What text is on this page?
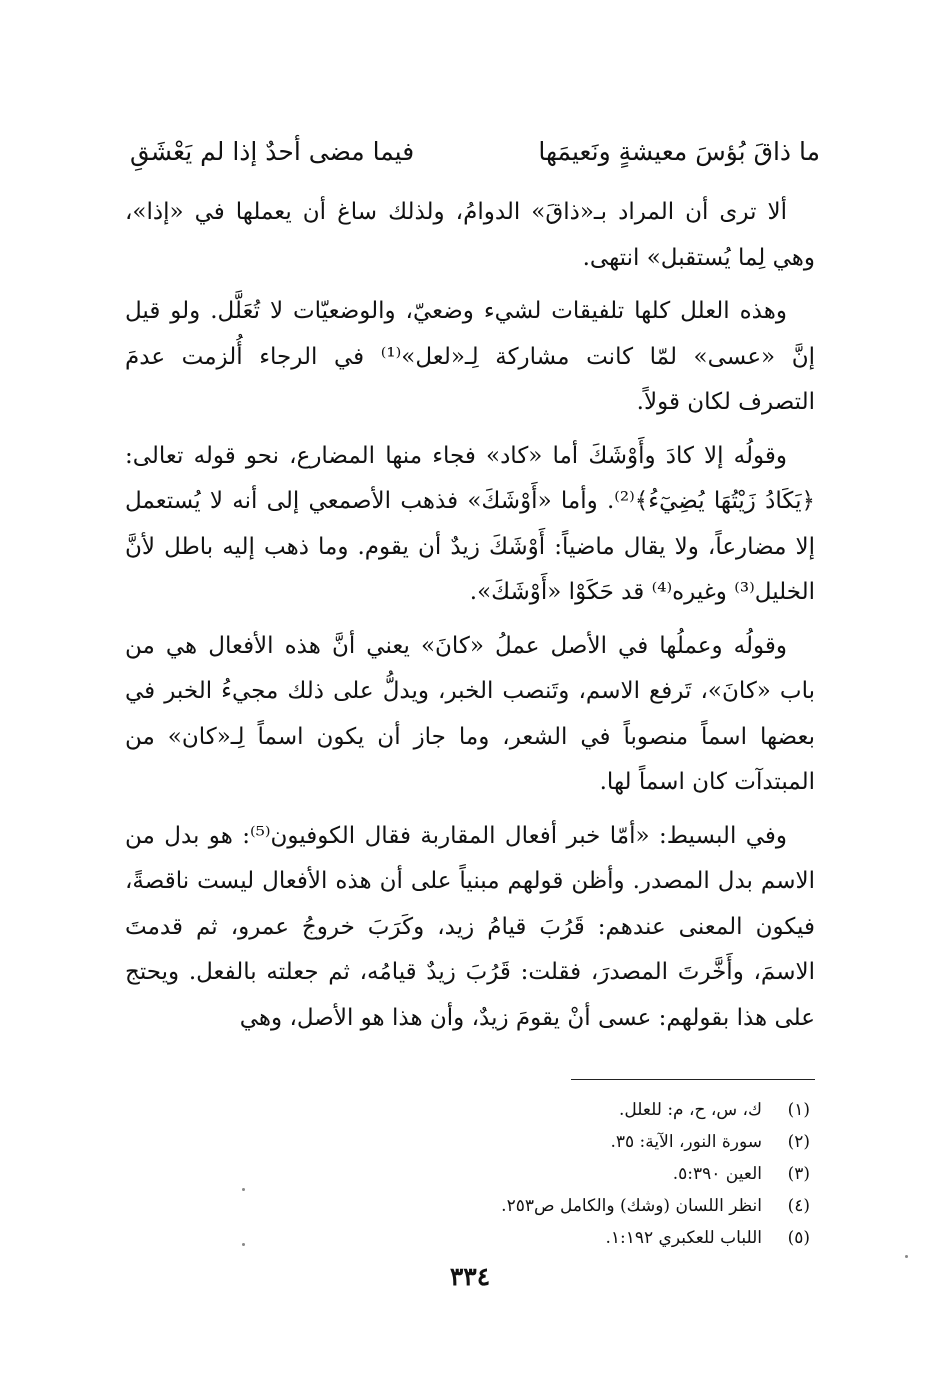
ما ذاقَ بُؤسَ معيشةٍ ونَعيمَها
فيما مضى أحدٌ إذا لم يَعْشَقِ

ألا ترى أن المراد بـ«ذاقَ» الدوامُ، ولذلك ساغ أن يعملها في «إذا»، وهي لِما يُستقبل» انتهى.

وهذه العلل كلها تلفيقات لشيء وضعيّ، والوضعيّات لا تُعَلَّل. ولو قيل إنَّ «عسى» لمّا كانت مشاركة لِـ«لعل»⁽¹⁾ في الرجاء أُلزمت عدمَ التصرف لكان قولاً.

وقولُه إلا كادَ وأَوْشَكَ أما «كاد» فجاء منها المضارع، نحو قوله تعالى: ﴿يَكَادُ زَيْتُهَا يُضِيٓءُ﴾⁽²⁾. وأما «أَوْشَكَ» فذهب الأصمعي إلى أنه لا يُستعمل إلا مضارعاً، ولا يقال ماضياً: أَوْشَكَ زيدٌ أن يقوم. وما ذهب إليه باطل لأنَّ الخليل⁽³⁾ وغيره⁽⁴⁾ قد حَكَوْا «أَوْشَكَ».

وقولُه وعملُها في الأصل عملُ «كانَ» يعني أنَّ هذه الأفعال هي من باب «كانَ»، تَرفع الاسم، وتَنصب الخبر، ويدلُّ على ذلك مجيءُ الخبر في بعضها اسماً منصوباً في الشعر، وما جاز أن يكون اسماً لِـ«كان» من المبتدآت كان اسماً لها.

وفي البسيط: «أمّا خبر أفعال المقاربة فقال الكوفيون⁽⁵⁾: هو بدل من الاسم بدل المصدر. وأظن قولهم مبنياً على أن هذه الأفعال ليست ناقصةً، فيكون المعنى عندهم: قَرُبَ قيامُ زيد، وكَرَبَ خروجُ عمرو، ثم قدمتَ الاسمَ، وأَخَّرتَ المصدرَ، فقلت: قَرُبَ زيدٌ قيامُه، ثم جعلته بالفعل. ويحتج على هذا بقولهم: عسى أنْ يقومَ زيدٌ، وأن هذا هو الأصل، وهي

(١)
ك، س، ح، م: للعلل.
(٢)
سورة النور، الآية: ٣٥.
(٣)
العين ٥:٣٩٠.
(٤)
انظر اللسان (وشك) والكامل ص٢٥٣.
(٥)
اللباب للعكبري ١:١٩٢.
٣٣٤
